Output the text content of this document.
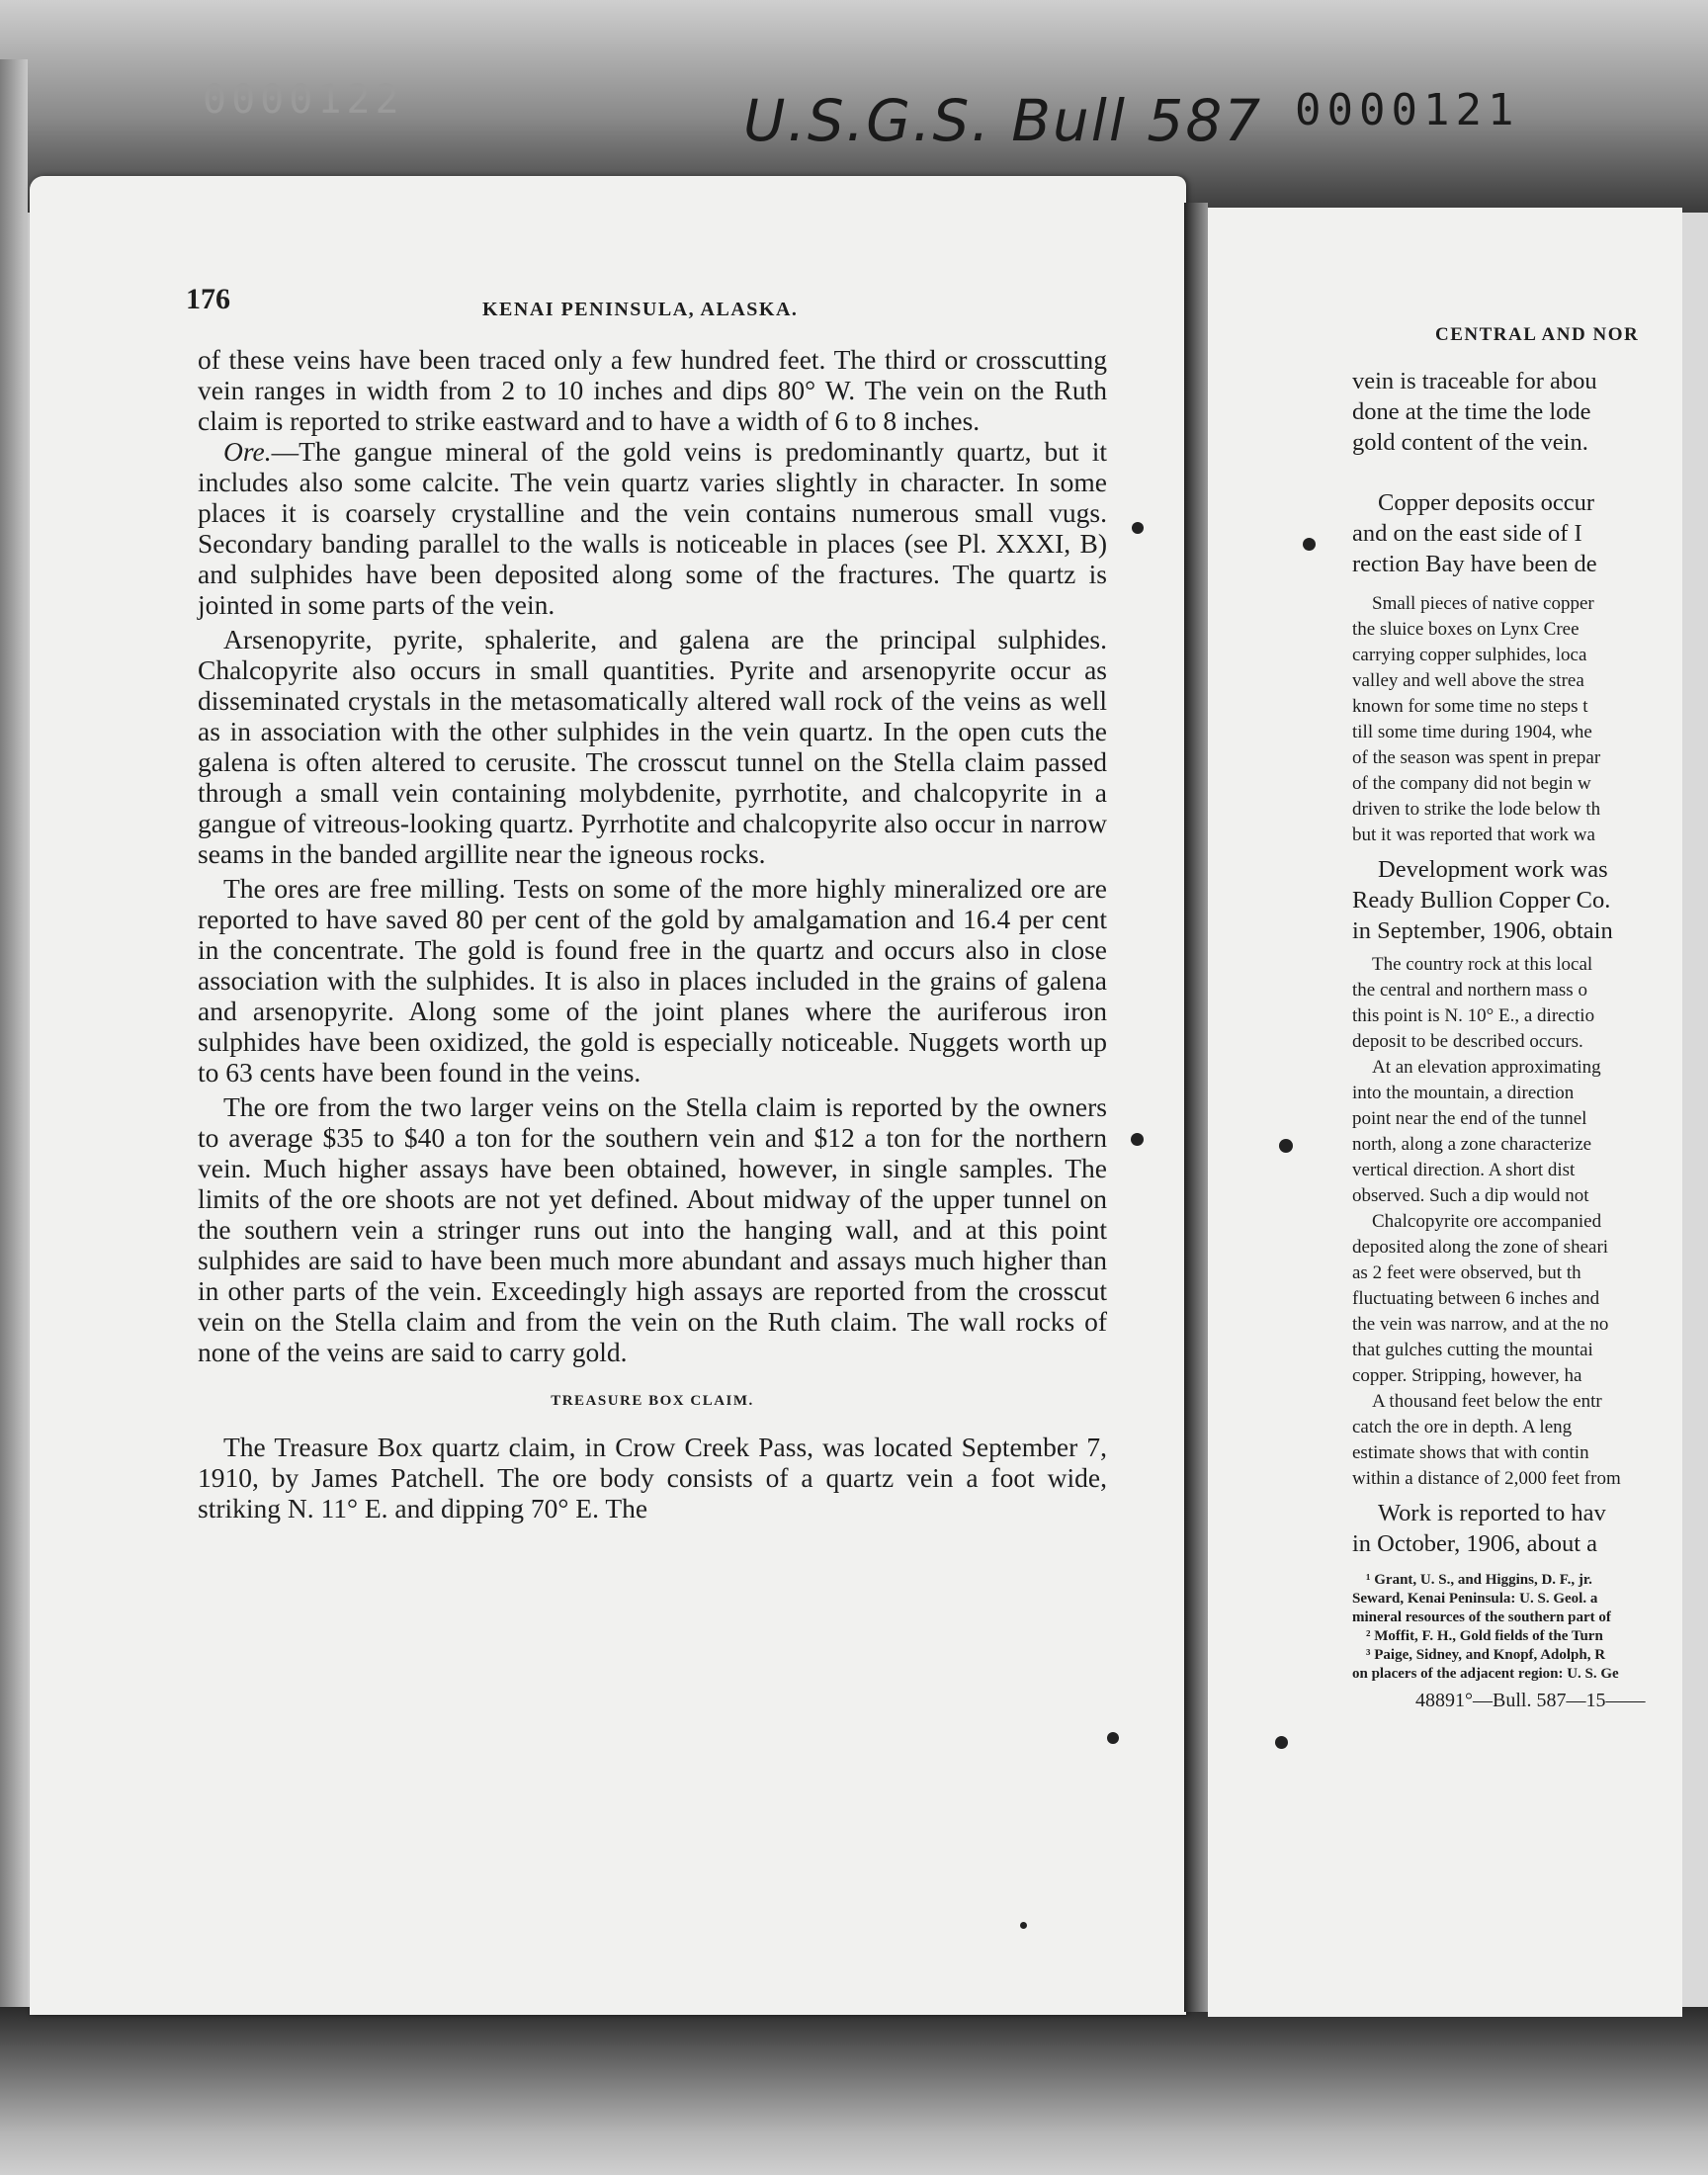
0000122	U.S.G.S. Bull 587 0000121
176	KENAI PENINSULA, ALASKA.

of these veins have been traced only a few hundred feet. The third or crosscutting vein ranges in width from 2 to 10 inches and dips 80° W. The vein on the Ruth claim is reported to strike eastward and to have a width of 6 to 8 inches.

Ore.—The gangue mineral of the gold veins is predominantly quartz, but it includes also some calcite. The vein quartz varies slightly in character. In some places it is coarsely crystalline and the vein contains numerous small vugs. Secondary banding parallel to the walls is noticeable in places (see Pl. XXXI, B) and sulphides have been deposited along some of the fractures. The quartz is jointed in some parts of the vein.

Arsenopyrite, pyrite, sphalerite, and galena are the principal sulphides. Chalcopyrite also occurs in small quantities. Pyrite and arsenopyrite occur as disseminated crystals in the metasomatically altered wall rock of the veins as well as in association with the other sulphides in the vein quartz. In the open cuts the galena is often altered to cerusite. The crosscut tunnel on the Stella claim passed through a small vein containing molybdenite, pyrrhotite, and chalcopyrite in a gangue of vitreous-looking quartz. Pyrrhotite and chalcopyrite also occur in narrow seams in the banded argillite near the igneous rocks.

The ores are free milling. Tests on some of the more highly mineralized ore are reported to have saved 80 per cent of the gold by amalgamation and 16.4 per cent in the concentrate. The gold is found free in the quartz and occurs also in close association with the sulphides. It is also in places included in the grains of galena and arsenopyrite. Along some of the joint planes where the auriferous iron sulphides have been oxidized, the gold is especially noticeable. Nuggets worth up to 63 cents have been found in the veins.

The ore from the two larger veins on the Stella claim is reported by the owners to average $35 to $40 a ton for the southern vein and $12 a ton for the northern vein. Much higher assays have been obtained, however, in single samples. The limits of the ore shoots are not yet defined. About midway of the upper tunnel on the southern vein a stringer runs out into the hanging wall, and at this point sulphides are said to have been much more abundant and assays much higher than in other parts of the vein. Exceedingly high assays are reported from the crosscut vein on the Stella claim and from the vein on the Ruth claim. The wall rocks of none of the veins are said to carry gold.

TREASURE BOX CLAIM.

The Treasure Box quartz claim, in Crow Creek Pass, was located September 7, 1910, by James Patchell. The ore body consists of a quartz vein a foot wide, striking N. 11° E. and dipping 70° E. The

CENTRAL AND NOR

vein is traceable for abou

done at the time the lode

gold content of the vein.

Copper deposits occur

and on the east side of I

rection Bay have been de

Small pieces of native copper

the sluice boxes on Lynx Cree

carrying copper sulphides, loca

valley and well above the strea

known for some time no steps t

till some time during 1904, whe

of the season was spent in prepar

of the company did not begin w

driven to strike the lode below th

but it was reported that work wa

Development work was

Ready Bullion Copper Co.

in September, 1906, obtain

The country rock at this local

the central and northern mass o

this point is N. 10° E., a directio

deposit to be described occurs.

At an elevation approximating

into the mountain, a direction

point near the end of the tunnel

north, along a zone characterize

vertical direction. A short dist

observed. Such a dip would not

Chalcopyrite ore accompanied

deposited along the zone of sheari

as 2 feet were observed, but th

fluctuating between 6 inches and

the vein was narrow, and at the no

that gulches cutting the mountai

copper. Stripping, however, ha

A thousand feet below the entr

catch the ore in depth. A leng

estimate shows that with contin

within a distance of 2,000 feet from

Work is reported to hav

in October, 1906, about a

¹ Grant, U. S., and Higgins, D. F., jr.

Seward, Kenai Peninsula: U. S. Geol. a

mineral resources of the southern part of

² Moffit, F. H., Gold fields of the Turn

³ Paige, Sidney, and Knopf, Adolph, R

on placers of the adjacent region: U. S. Ge

48891°—Bull. 587—15——
